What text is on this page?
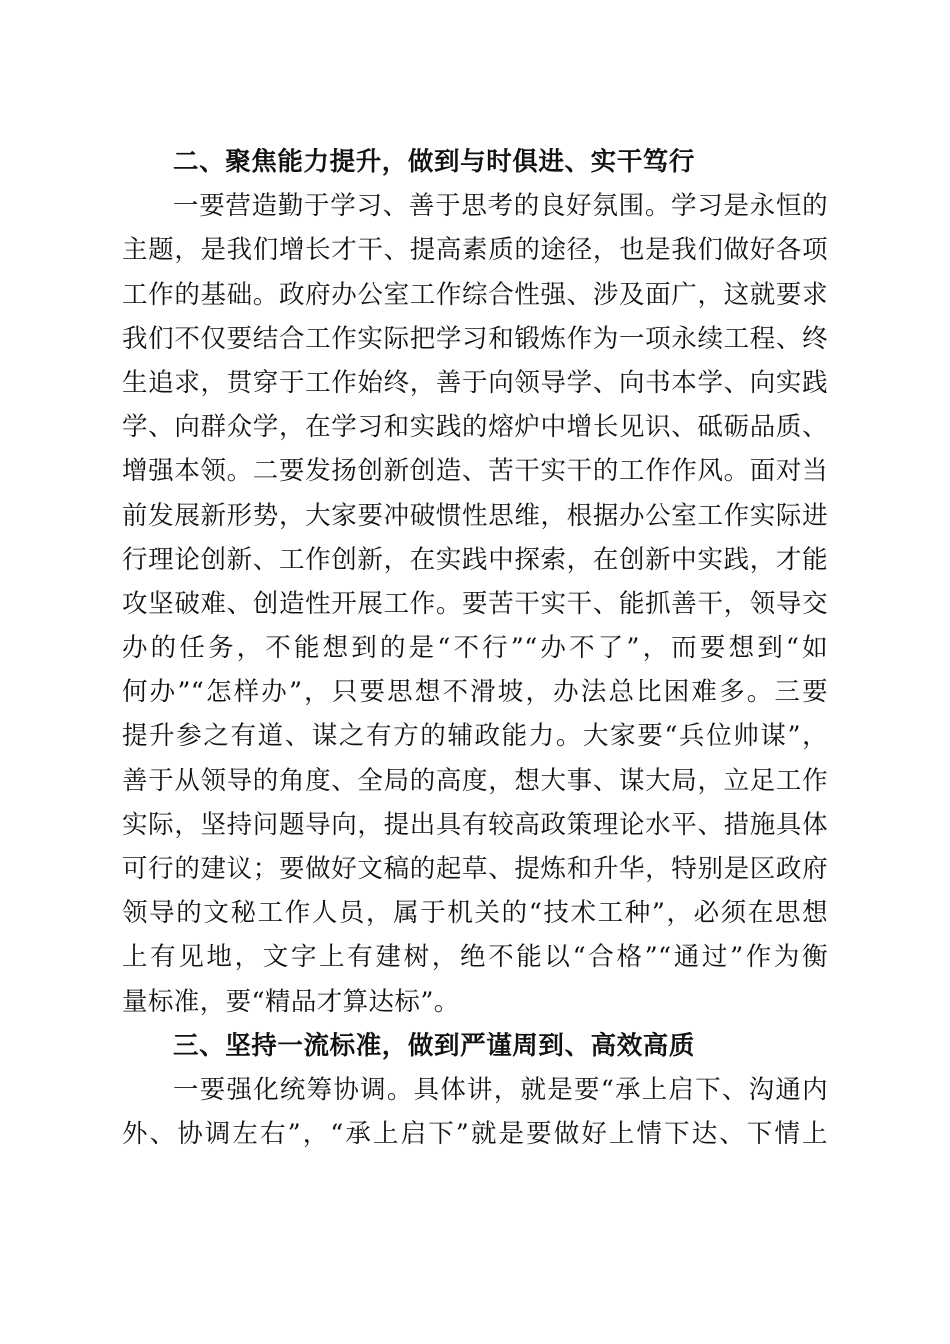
二、聚焦能力提升，做到与时俱进、实干笃行
一要营造勤于学习、善于思考的良好氛围。学习是永恒的
主题，是我们增长才干、提高素质的途径，也是我们做好各项
工作的基础。政府办公室工作综合性强、涉及面广，这就要求
我们不仅要结合工作实际把学习和锻炼作为一项永续工程、终
生追求，贯穿于工作始终，善于向领导学、向书本学、向实践
学、向群众学，在学习和实践的熔炉中增长见识、砥砺品质、
增强本领。二要发扬创新创造、苦干实干的工作作风。面对当
前发展新形势，大家要冲破惯性思维，根据办公室工作实际进
行理论创新、工作创新，在实践中探索，在创新中实践，才能
攻坚破难、创造性开展工作。要苦干实干、能抓善干，领导交
办的任务，不能想到的是“不行”“办不了”，而要想到“如
何办”“怎样办”，只要思想不滑坡，办法总比困难多。三要
提升参之有道、谋之有方的辅政能力。大家要“兵位帅谋”，
善于从领导的角度、全局的高度，想大事、谋大局，立足工作
实际，坚持问题导向，提出具有较高政策理论水平、措施具体
可行的建议；要做好文稿的起草、提炼和升华，特别是区政府
领导的文秘工作人员，属于机关的“技术工种”，必须在思想
上有见地，文字上有建树，绝不能以“合格”“通过”作为衡
量标准，要“精品才算达标”。
三、坚持一流标准，做到严谨周到、高效高质
一要强化统筹协调。具体讲，就是要“承上启下、沟通内
外、协调左右”，“承上启下”就是要做好上情下达、下情上
